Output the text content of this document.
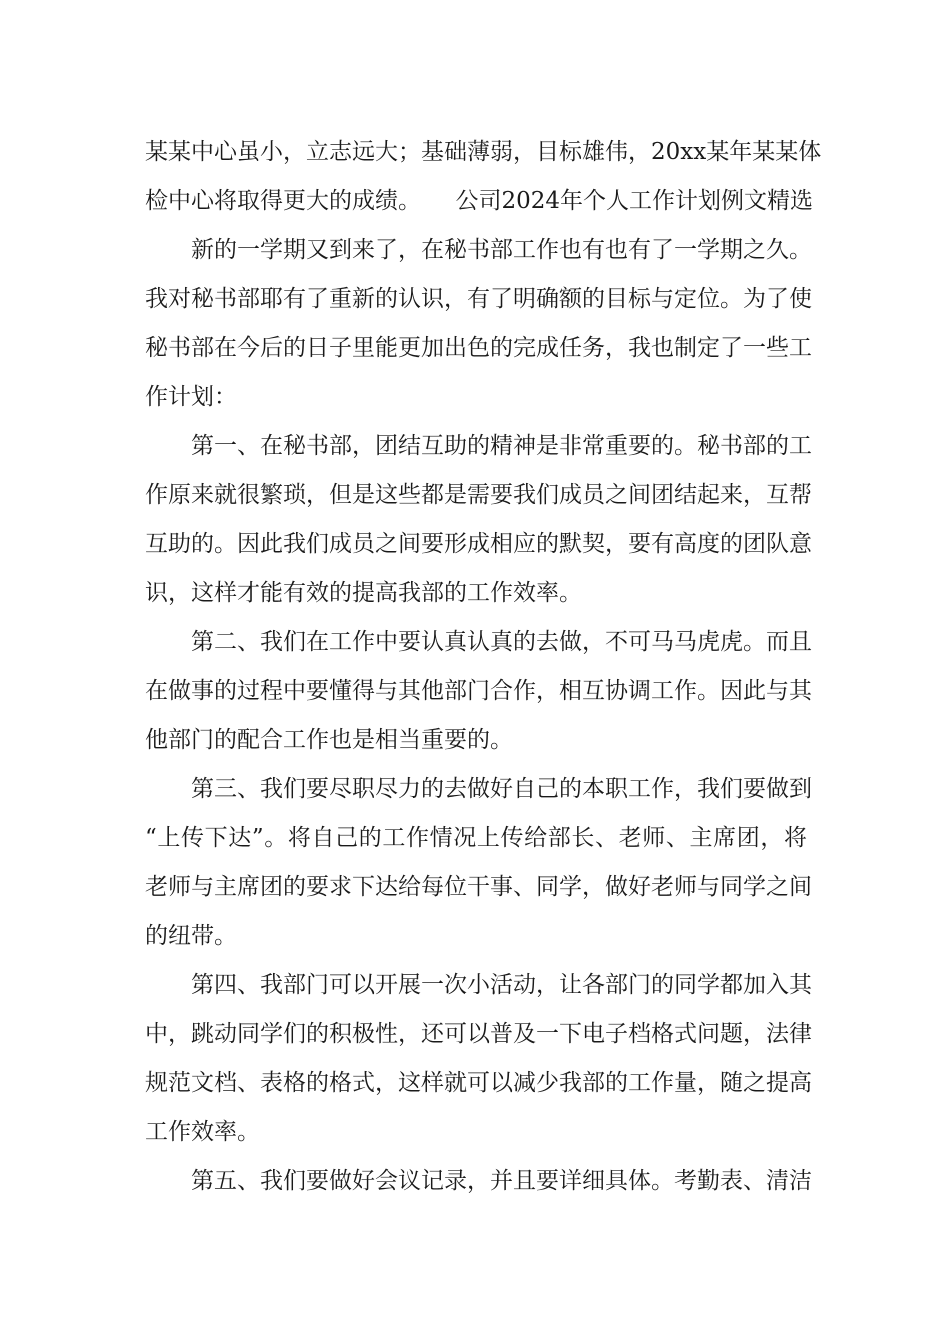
某某中心虽小，立志远大；基础薄弱，目标雄伟，20xx某年某某体
检中心将取得更大的成绩。　　公司2024年个人工作计划例文精选
新的一学期又到来了，在秘书部工作也有也有了一学期之久。
我对秘书部耶有了重新的认识，有了明确额的目标与定位。为了使
秘书部在今后的日子里能更加出色的完成任务，我也制定了一些工
作计划：
第一、在秘书部，团结互助的精神是非常重要的。秘书部的工
作原来就很繁琐，但是这些都是需要我们成员之间团结起来，互帮
互助的。因此我们成员之间要形成相应的默契，要有高度的团队意
识，这样才能有效的提高我部的工作效率。
第二、我们在工作中要认真认真的去做，不可马马虎虎。而且
在做事的过程中要懂得与其他部门合作，相互协调工作。因此与其
他部门的配合工作也是相当重要的。
第三、我们要尽职尽力的去做好自己的本职工作，我们要做到
“上传下达”。将自己的工作情况上传给部长、老师、主席团，将
老师与主席团的要求下达给每位干事、同学，做好老师与同学之间
的纽带。
第四、我部门可以开展一次小活动，让各部门的同学都加入其
中，跳动同学们的积极性，还可以普及一下电子档格式问题，法律
规范文档、表格的格式，这样就可以减少我部的工作量，随之提高
工作效率。
第五、我们要做好会议记录，并且要详细具体。考勤表、清洁
